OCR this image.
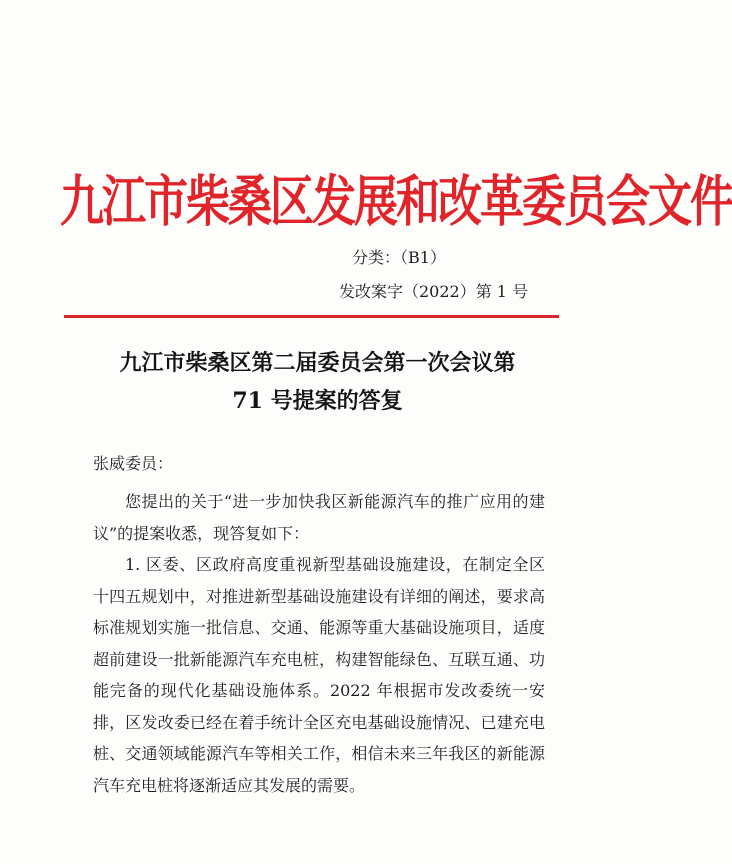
九江市柴桑区发展和改革委员会文件
分类：（B1）
发改案字（2022）第 1 号
九江市柴桑区第二届委员会第一次会议第
71 号提案的答复
张威委员：

您提出的关于“进一步加快我区新能源汽车的推广应用的建议”的提案收悉，现答复如下：

1. 区委、区政府高度重视新型基础设施建设，在制定全区十四五规划中，对推进新型基础设施建设有详细的阐述，要求高标准规划实施一批信息、交通、能源等重大基础设施项目，适度超前建设一批新能源汽车充电桩，构建智能绿色、互联互通、功能完备的现代化基础设施体系。2022 年根据市发改委统一安排，区发改委已经在着手统计全区充电基础设施情况、已建充电桩、交通领域能源汽车等相关工作，相信未来三年我区的新能源汽车充电桩将逐渐适应其发展的需要。
